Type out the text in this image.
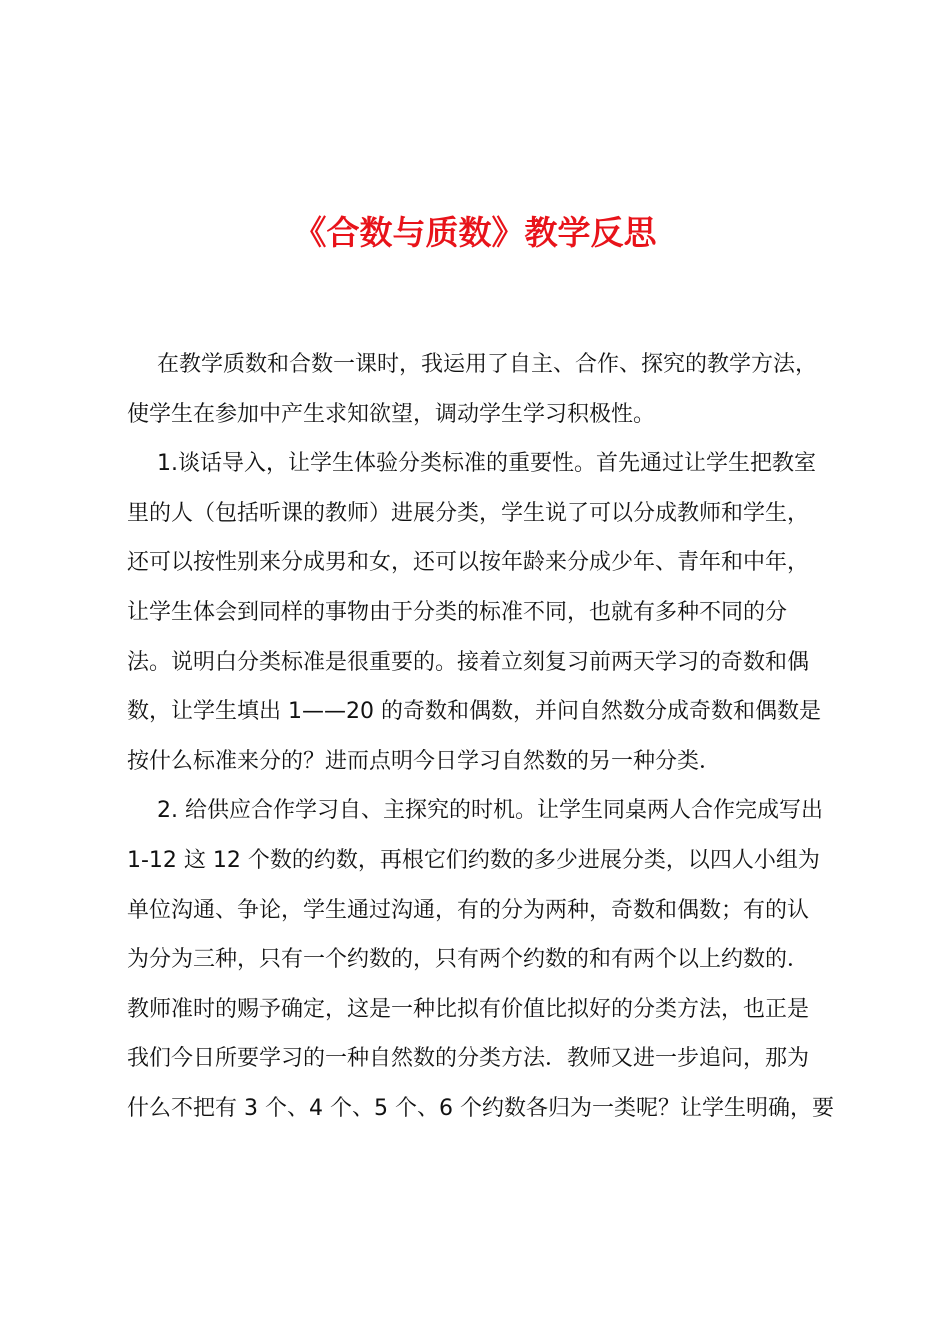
《合数与质数》教学反思
在教学质数和合数一课时，我运用了自主、合作、探究的教学方法，
使学生在参加中产生求知欲望，调动学生学习积极性。
1.谈话导入，让学生体验分类标准的重要性。首先通过让学生把教室
里的人（包括听课的教师）进展分类，学生说了可以分成教师和学生，
还可以按性别来分成男和女，还可以按年龄来分成少年、青年和中年，
让学生体会到同样的事物由于分类的标准不同，也就有多种不同的分
法。说明白分类标准是很重要的。接着立刻复习前两天学习的奇数和偶
数，让学生填出 1——20 的奇数和偶数，并问自然数分成奇数和偶数是
按什么标准来分的？进而点明今日学习自然数的另一种分类．
2. 给供应合作学习自、主探究的时机。让学生同桌两人合作完成写出
1-12 这 12 个数的约数，再根它们约数的多少进展分类，以四人小组为
单位沟通、争论，学生通过沟通，有的分为两种，奇数和偶数；有的认
为分为三种，只有一个约数的，只有两个约数的和有两个以上约数的．
教师准时的赐予确定，这是一种比拟有价值比拟好的分类方法，也正是
我们今日所要学习的一种自然数的分类方法．教师又进一步追问，那为
什么不把有 3 个、4 个、5 个、6 个约数各归为一类呢？让学生明确，要
